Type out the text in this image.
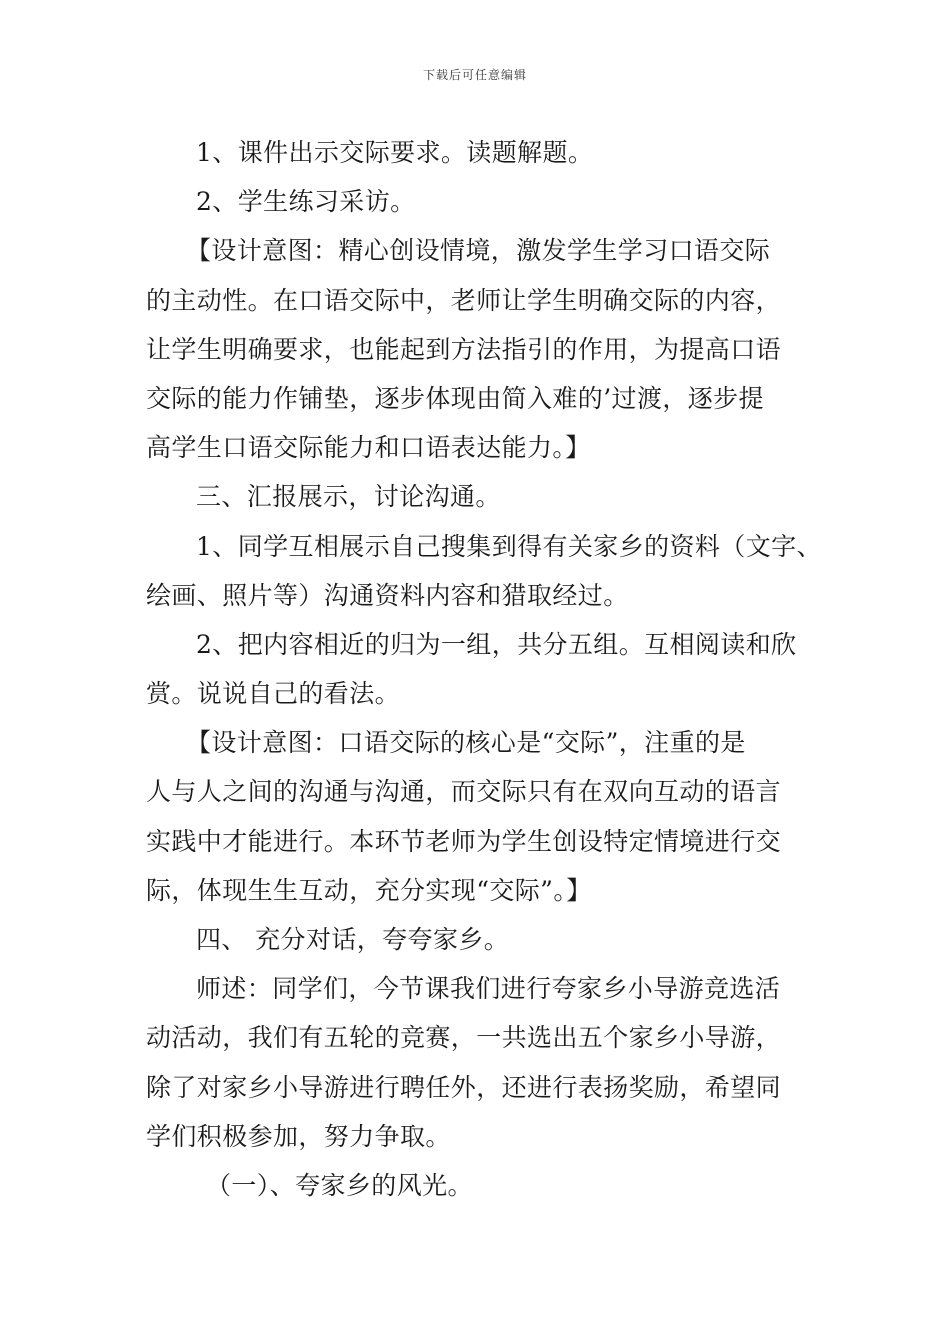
下载后可任意编辑
1、课件出示交际要求。读题解题。
2、学生练习采访。
【设计意图：精心创设情境，激发学生学习口语交际
的主动性。在口语交际中，老师让学生明确交际的内容，
让学生明确要求，也能起到方法指引的作用，为提高口语
交际的能力作铺垫，逐步体现由简入难的’过渡，逐步提
高学生口语交际能力和口语表达能力。】
三、汇报展示，讨论沟通。
1、同学互相展示自己搜集到得有关家乡的资料（文字、
绘画、照片等）沟通资料内容和猎取经过。
2、把内容相近的归为一组，共分五组。互相阅读和欣
赏。说说自己的看法。
【设计意图：口语交际的核心是“交际”，注重的是
人与人之间的沟通与沟通，而交际只有在双向互动的语言
实践中才能进行。本环节老师为学生创设特定情境进行交
际，体现生生互动，充分实现“交际”。】
四、 充分对话，夸夸家乡。
师述：同学们，今节课我们进行夸家乡小导游竞选活
动活动，我们有五轮的竞赛，一共选出五个家乡小导游，
除了对家乡小导游进行聘任外，还进行表扬奖励，希望同
学们积极参加，努力争取。
（一）、夸家乡的风光。
